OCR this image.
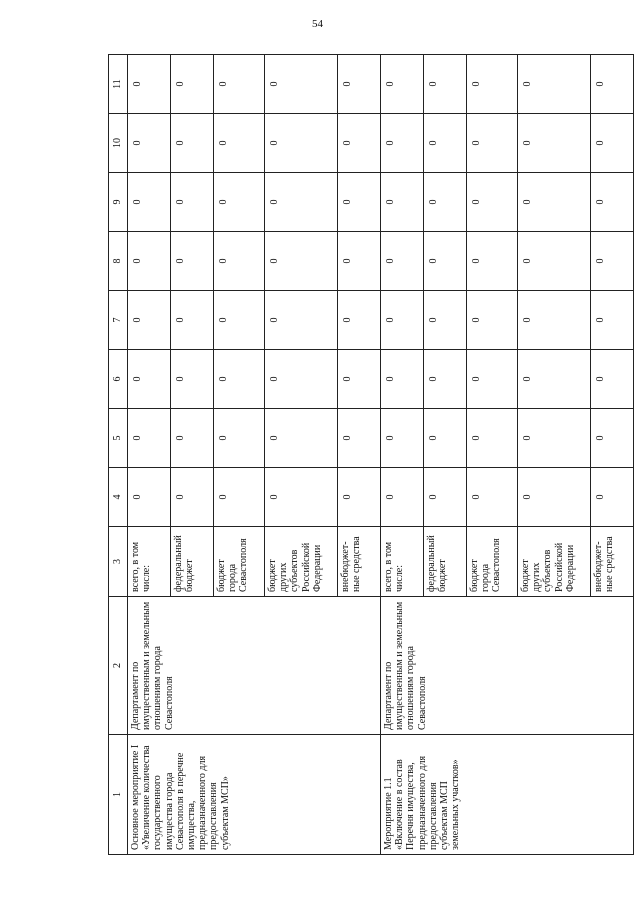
54
1	2	3	4	5	6	7	8	9	10	11
Основное мероприятие I «Увеличение количества государственного имущества города Севастополя в перечне имущества, предназначенного для предоставления субъектам МСП»	Департамент по имущественным и земельным отношениям города Севастополя	всего, в том числе:	0	0	0	0	0	0	0	0
		федеральный бюджет	0	0	0	0	0	0	0	0
		бюджет города Севастополя	0	0	0	0	0	0	0	0
		бюджет других субъектов Российской Федерации	0	0	0	0	0	0	0	0
		внебюджет-ные средства	0	0	0	0	0	0	0	0
Мероприятие 1.1 «Включение в состав Перечня имущества, предназначенного для предоставления субъектам МСП земельных участков»	Департамент по имущественным и земельным отношениям города Севастополя	всего, в том числе:	0	0	0	0	0	0	0	0
		федеральный бюджет	0	0	0	0	0	0	0	0
		бюджет города Севастополя	0	0	0	0	0	0	0	0
		бюджет других субъектов Российской Федерации	0	0	0	0	0	0	0	0
		внебюджет-ные средства	0	0	0	0	0	0	0	0
